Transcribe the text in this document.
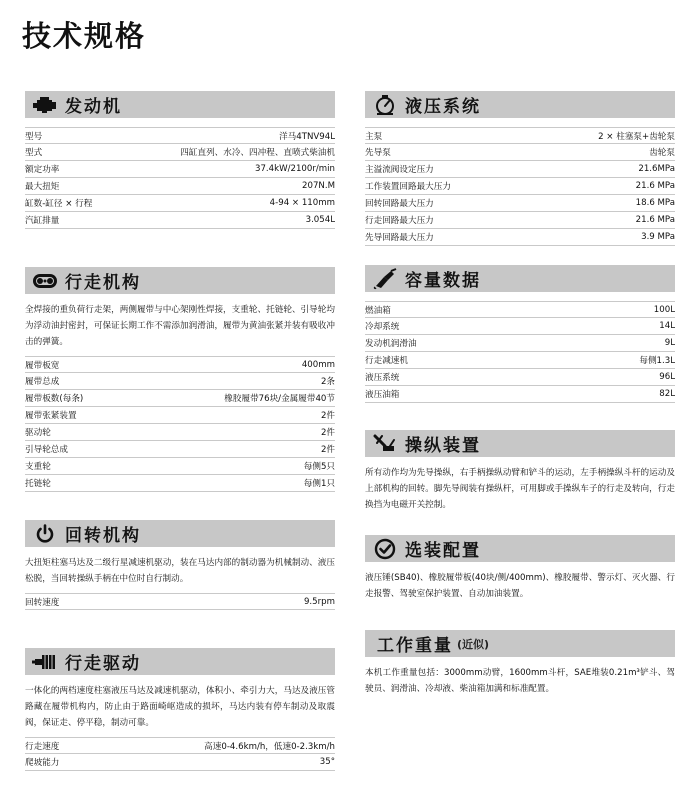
技术规格
发动机
型号	洋马4TNV94L
型式	四缸直列、水冷、四冲程、直喷式柴油机
额定功率	37.4kW/2100r/min
最大扭矩	207N.M
缸数-缸径 × 行程	4-94 × 110mm
汽缸排量	3.054L
行走机构
全焊接的重负荷行走架，两侧履带与中心架刚性焊接，支重轮、托链轮、引导轮均为浮动油封密封，可保证长期工作不需添加润滑油，履带为黄油张紧并装有吸收冲击的弹簧。
履带板宽	400mm
履带总成	2条
履带板数(每条)	橡胶履带76块/金属履带40节
履带张紧装置	2件
驱动轮	2件
引导轮总成	2件
支重轮	每侧5只
托链轮	每侧1只
回转机构
大扭矩柱塞马达及二级行星减速机驱动，装在马达内部的制动器为机械制动、液压松脱，当回转操纵手柄在中位时自行制动。
回转速度	9.5rpm
行走驱动
一体化的两档速度柱塞液压马达及减速机驱动，体积小、牵引力大，马达及液压管路藏在履带机构内，防止由于路面崎岖造成的损坏，马达内装有停车制动及取震阀，保证走、停平稳，制动可靠。
行走速度	高速0-4.6km/h，低速0-2.3km/h
爬坡能力	35°
液压系统
主泵	2 × 柱塞泵+齿轮泵
先导泵	齿轮泵
主溢流阀设定压力	21.6MPa
工作装置回路最大压力	21.6 MPa
回转回路最大压力	18.6 MPa
行走回路最大压力	21.6 MPa
先导回路最大压力	3.9 MPa
容量数据
燃油箱	100L
冷却系统	14L
发动机润滑油	9L
行走减速机	每侧1.3L
液压系统	96L
液压油箱	82L
操纵装置
所有动作均为先导操纵，右手柄操纵动臂和铲斗的运动，左手柄操纵斗杆的运动及上部机构的回转。脚先导阀装有操纵杆，可用脚或手操纵车子的行走及转向，行走换挡为电磁开关控制。
选装配置
液压锤(SB40)、橡胶履带板(40块/侧/400mm)、橡胶履带、警示灯、灭火器、行走报警、驾驶室保护装置、自动加油装置。
工作重量 (近似)
本机工作重量包括：3000mm动臂，1600mm斗杆，SAE堆装0.21m³铲斗、驾驶员、润滑油、冷却液、柴油箱加满和标准配置。
